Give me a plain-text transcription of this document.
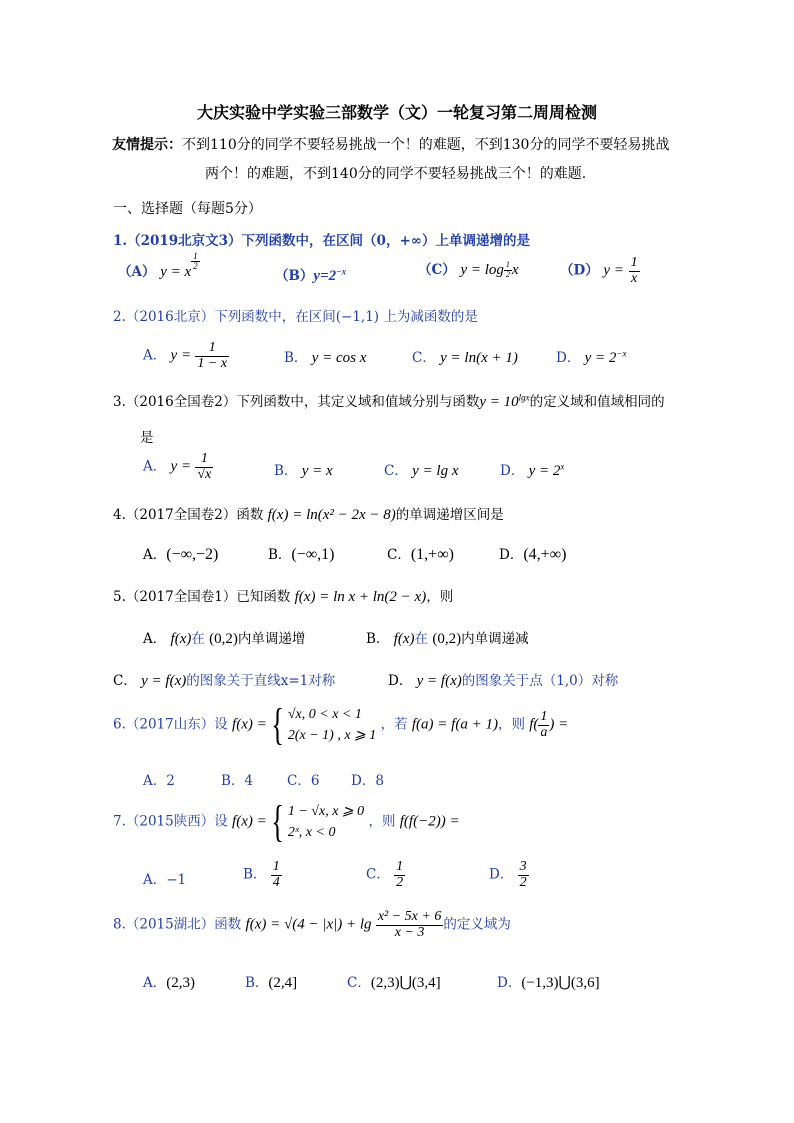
大庆实验中学实验三部数学（文）一轮复习第二周周检测
友情提示：不到110分的同学不要轻易挑战一个！的难题，不到130分的同学不要轻易挑战
两个！的难题，不到140分的同学不要轻易挑战三个！的难题.
一、选择题（每题5分）
1.（2019北京文3）下列函数中，在区间（0，+∞）上单调递增的是
（A） y = x
$\frac{1}{2}$
$(B)y=2^{-x}$	（C） $y = \log \frac{1}{2}$ x	（D） $y = \frac{1}{x}$
2.（2016北京）下列函数中，在区间(−1,1) 上为减函数的是
A． $y = \frac{1}{1 - x}$	B． y = cos x	C． y = ln(x + 1)	D． $y = 2^{-x}$
3.（2016全国卷2）下列函数中，其定义域和值域分别与函数$y = 10^{lgx}$的定义域和值域相同的
是
A． $y = \frac{1}{√x}$	B． y = x	C． y = lg x	D． $y = 2^x$
4.（2017全国卷2）函数 f(x) = ln(x² − 2x − 8)的单调递增区间是
A．(−∞,−2)	B．(−∞,1)	C．(1,+∞)	D．(4,+∞)
5.（2017全国卷1）已知函数 f(x) = ln x + ln(2 − x)，则
A． f(x)在 (0,2)内单调递增	B． f(x)在 (0,2)内单调递减
C． y = f(x)的图象关于直线x=1对称	D． y = f(x)的图象关于点（1,0）对称
6.（2017山东）设 f(x) ={ √x, 0 < x < 1
2(x − 1) , x ⩾ 1
，若 f(a) = f(a + 1)，则 $f( \frac{1}{a}$ ) =
A．2	B．4	C．6 D．8
7.（2015陕西）设 f(x) ={ 1 − √x, x ⩾ 0
2ˣ, x < 0
，则 f(f(−2)) =
A．−1	B． $\frac{1}{4}$	C． $\frac{1}{2}$	D． $\frac{3}{2}$
8.（2015湖北）函数 $f(x) = √(4 - |x|) + \lg \frac{\text{x² − 5x + 6}}{x - 3}$ 的定义域为
A．(2,3)	B．(2,4]	C．(2,3)⋃(3,4]	D．(−1,3)⋃(3,6]
